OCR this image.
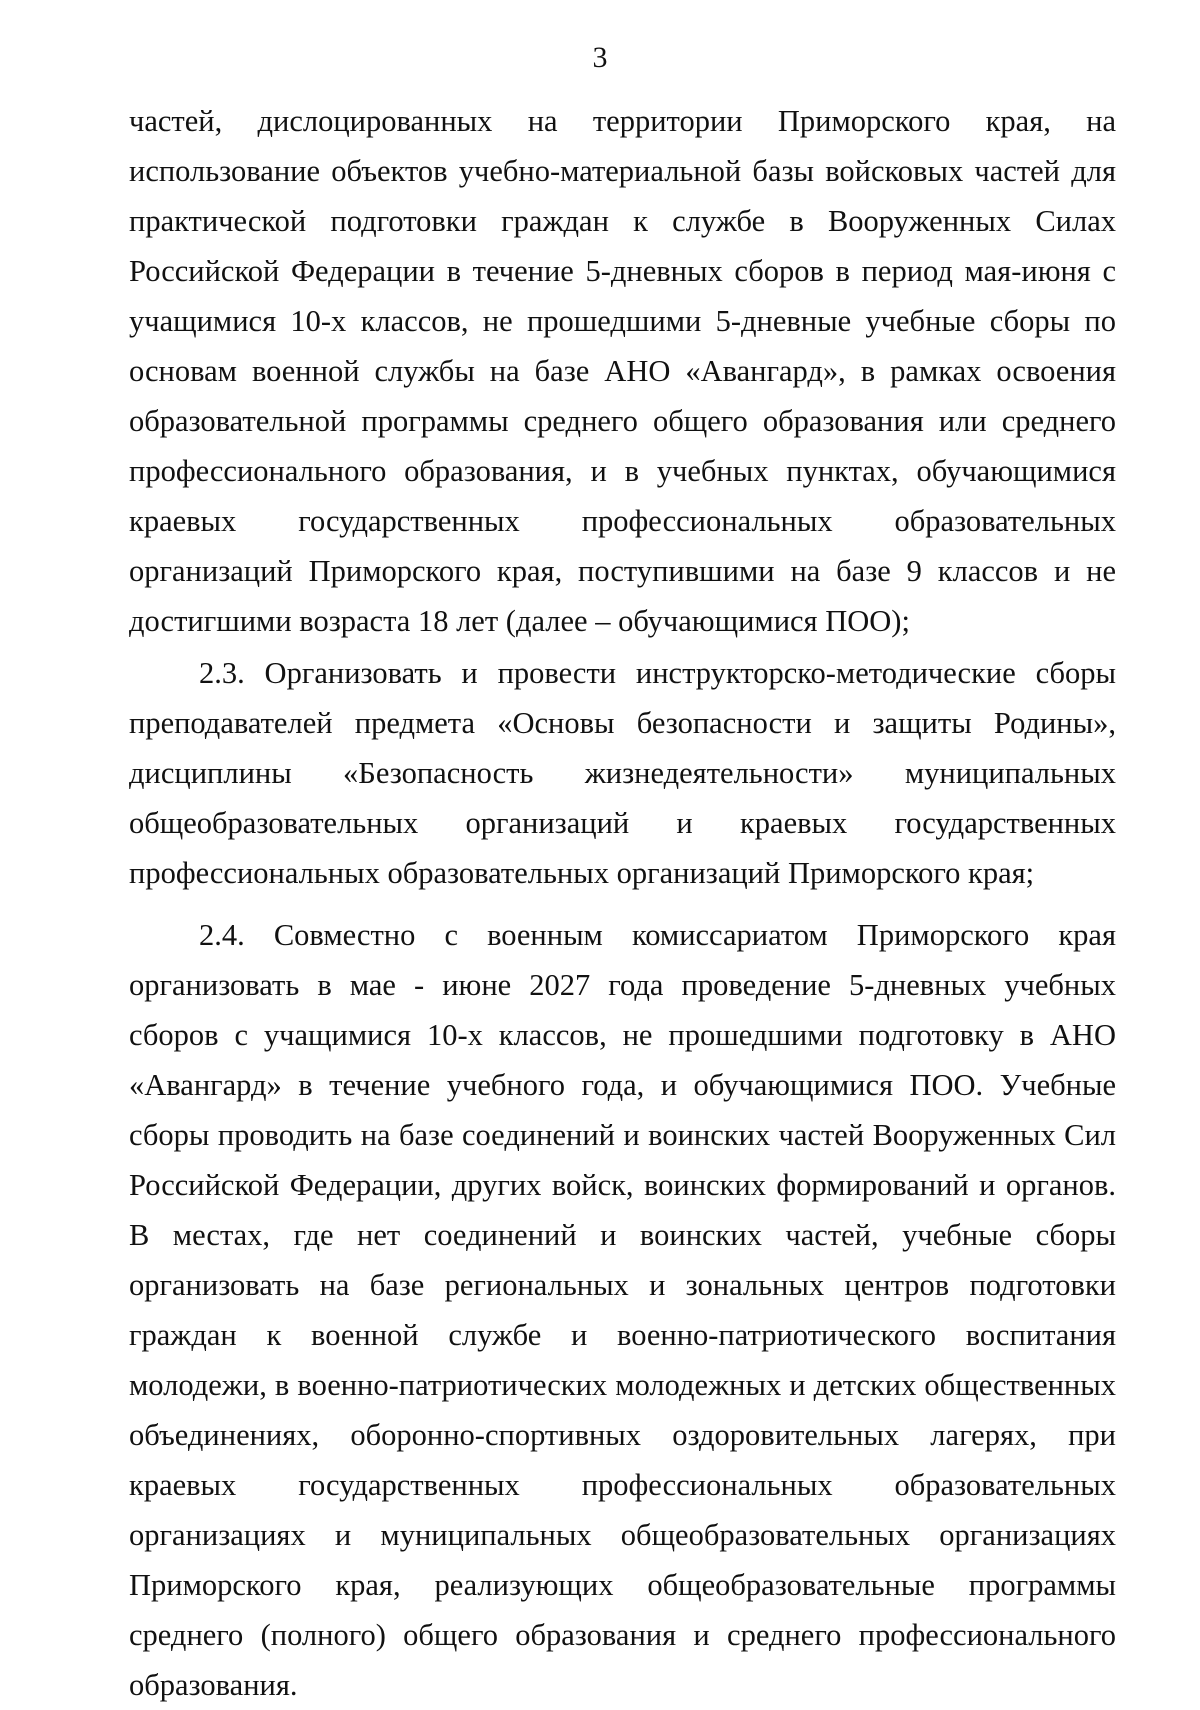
3

частей, дислоцированных на территории Приморского края, на использование объектов учебно-материальной базы войсковых частей для практической подготовки граждан к службе в Вооруженных Силах Российской Федерации в течение 5-дневных сборов в период мая-июня с учащимися 10-х классов, не прошедшими 5-дневные учебные сборы по основам военной службы на базе АНО «Авангард», в рамках освоения образовательной программы среднего общего образования или среднего профессионального образования, и в учебных пунктах, обучающимися краевых государственных профессиональных образовательных организаций Приморского края, поступившими на базе 9 классов и не достигшими возраста 18 лет (далее – обучающимися ПОО);

2.3. Организовать и провести инструкторско-методические сборы преподавателей предмета «Основы безопасности и защиты Родины», дисциплины «Безопасность жизнедеятельности» муниципальных общеобразовательных организаций и краевых государственных профессиональных образовательных организаций Приморского края;

2.4. Совместно с военным комиссариатом Приморского края организовать в мае - июне 2027 года проведение 5-дневных учебных сборов с учащимися 10-х классов, не прошедшими подготовку в АНО «Авангард» в течение учебного года, и обучающимися ПОО. Учебные сборы проводить на базе соединений и воинских частей Вооруженных Сил Российской Федерации, других войск, воинских формирований и органов. В местах, где нет соединений и воинских частей, учебные сборы организовать на базе региональных и зональных центров подготовки граждан к военной службе и военно-патриотического воспитания молодежи, в военно-патриотических молодежных и детских общественных объединениях, оборонно-спортивных оздоровительных лагерях, при краевых государственных профессиональных образовательных организациях и муниципальных общеобразовательных организациях Приморского края, реализующих общеобразовательные программы среднего (полного) общего образования и среднего профессионального образования.
